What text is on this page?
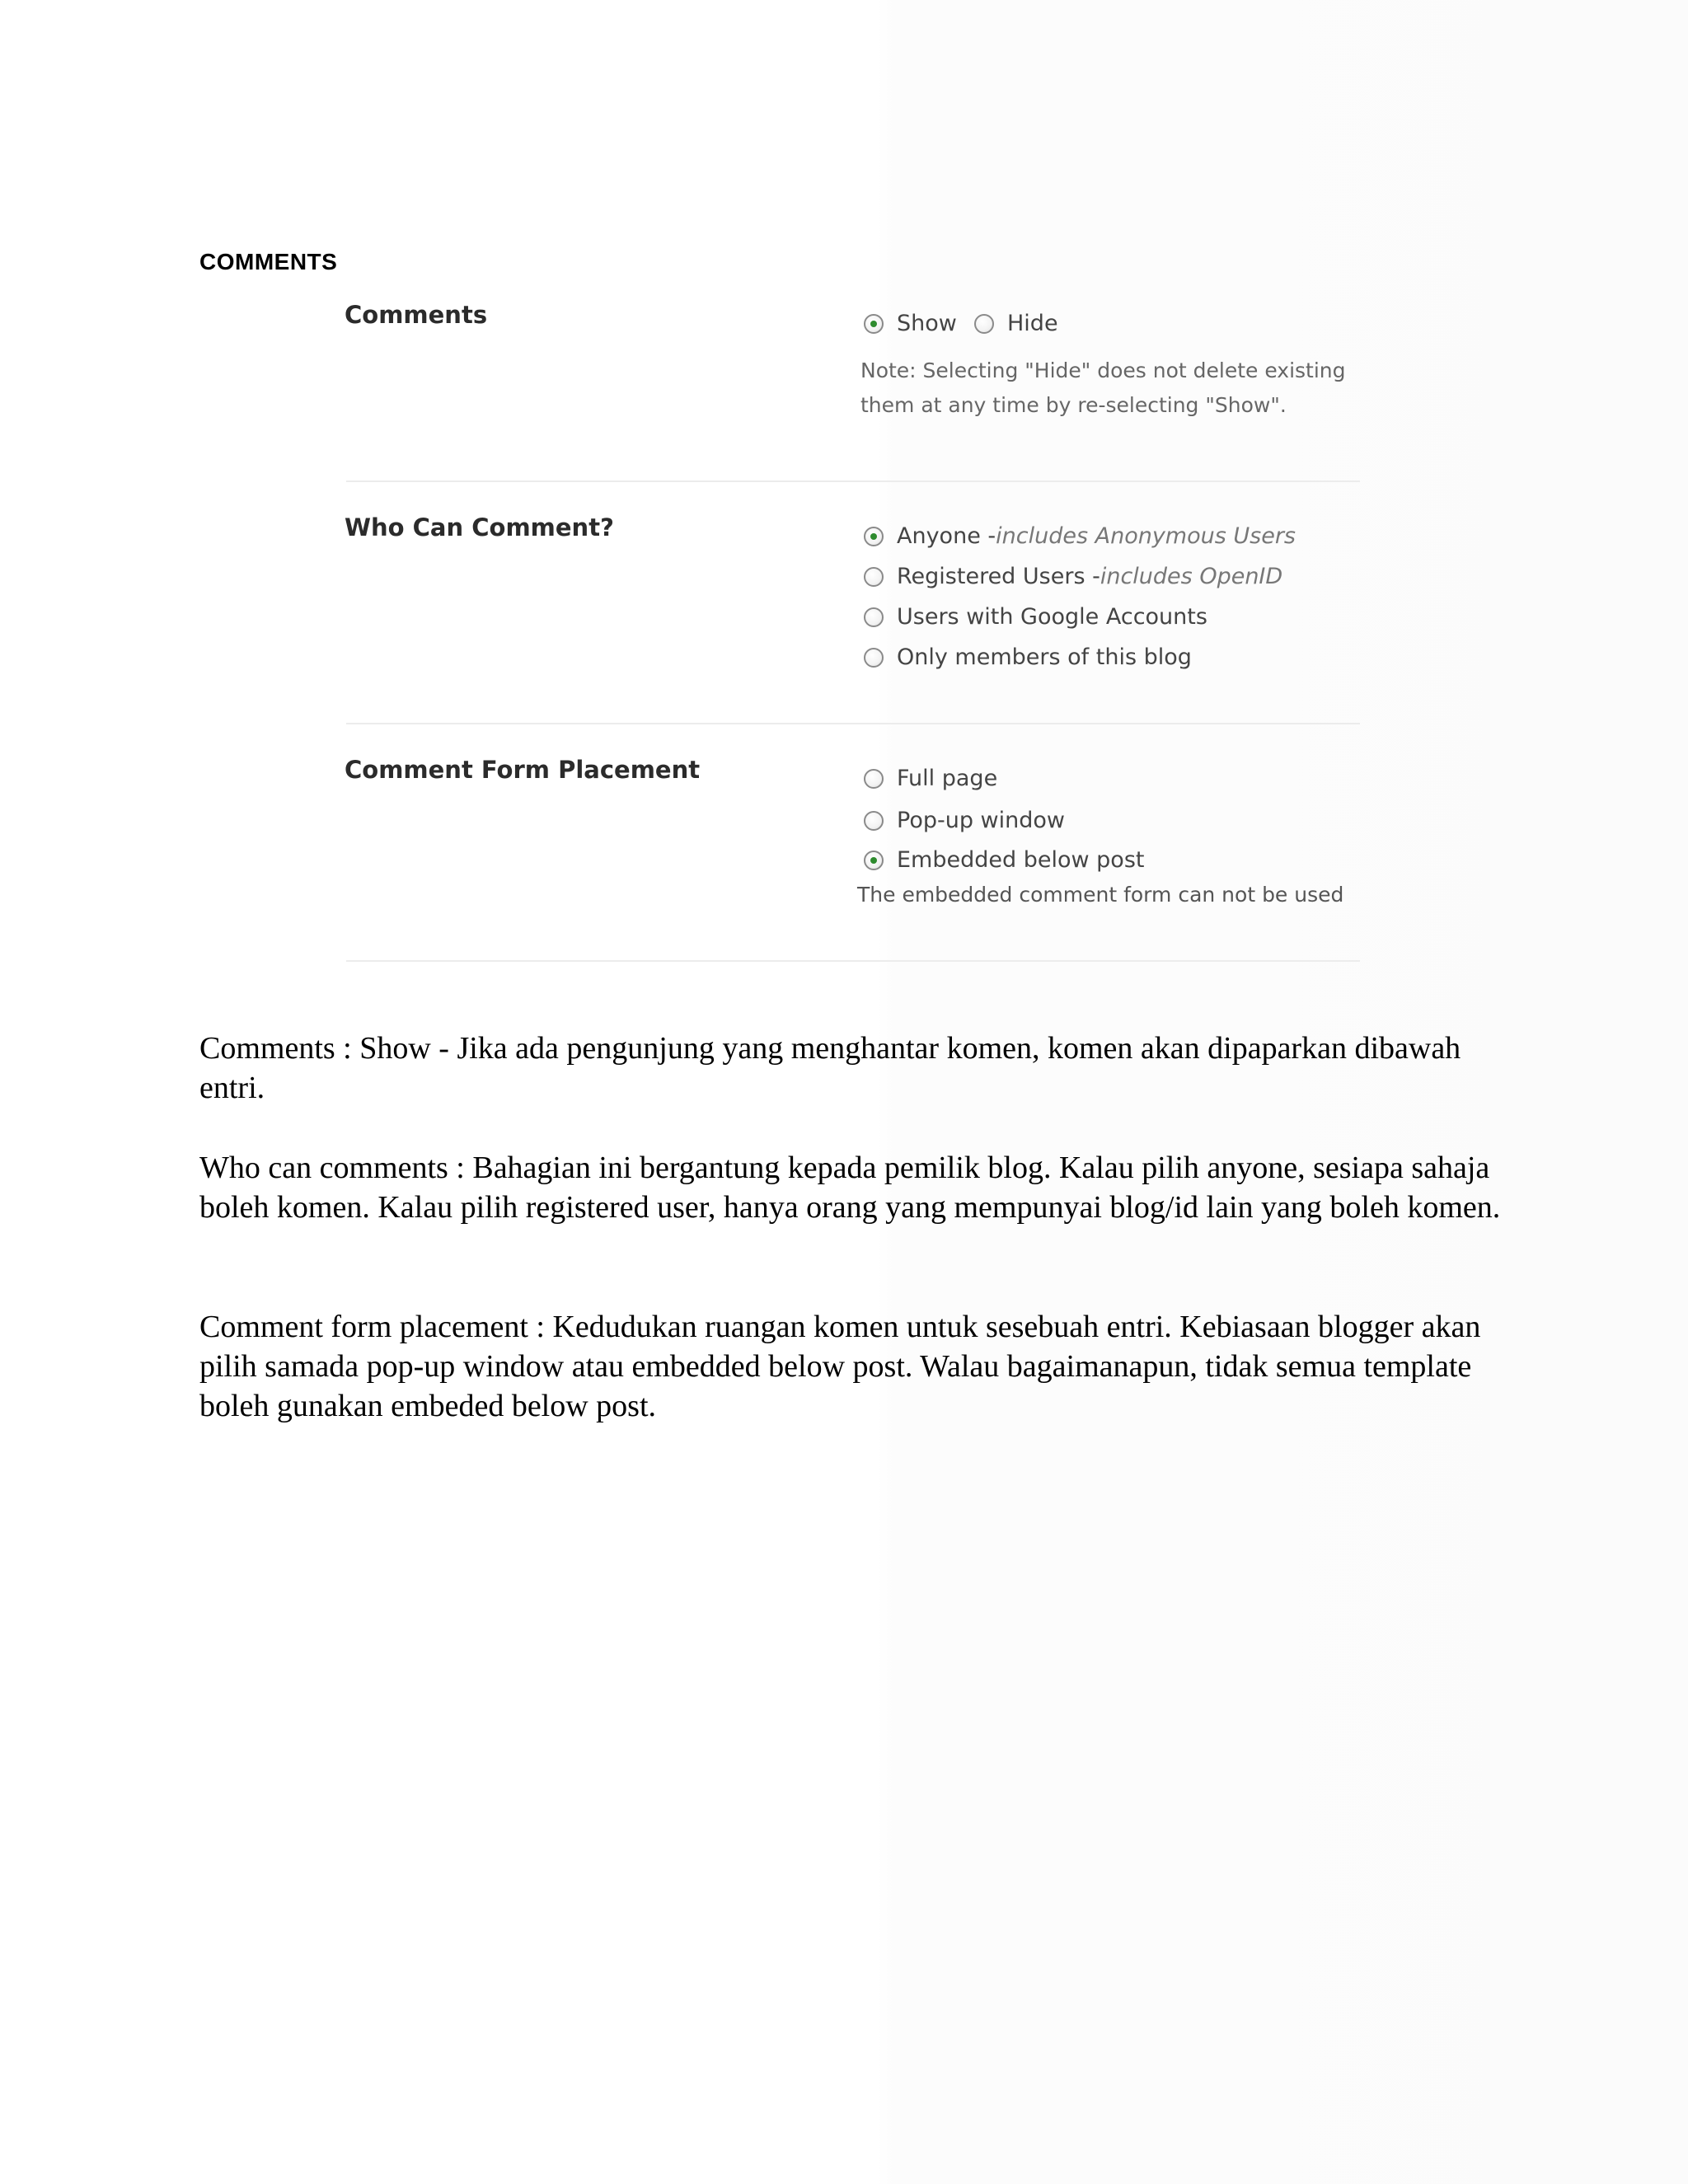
COMMENTS
Comments	Show Hide
Note: Selecting "Hide" does not delete existing
them at any time by re-selecting "Show".
Who Can Comment?	Anyone - includes Anonymous Users
Registered Users - includes OpenID
Users with Google Accounts
Only members of this blog
Comment Form Placement	Full page
Pop-up window
Embedded below post
The embedded comment form can not be used

Comments : Show - Jika ada pengunjung yang menghantar komen, komen akan dipaparkan dibawah entri.

Who can comments : Bahagian ini bergantung kepada pemilik blog. Kalau pilih anyone, sesiapa sahaja boleh komen. Kalau pilih registered user, hanya orang yang mempunyai blog/id lain yang boleh komen.

Comment form placement : Kedudukan ruangan komen untuk sesebuah entri. Kebiasaan blogger akan pilih samada pop-up window atau embedded below post. Walau bagaimanapun, tidak semua template boleh gunakan embeded below post.
